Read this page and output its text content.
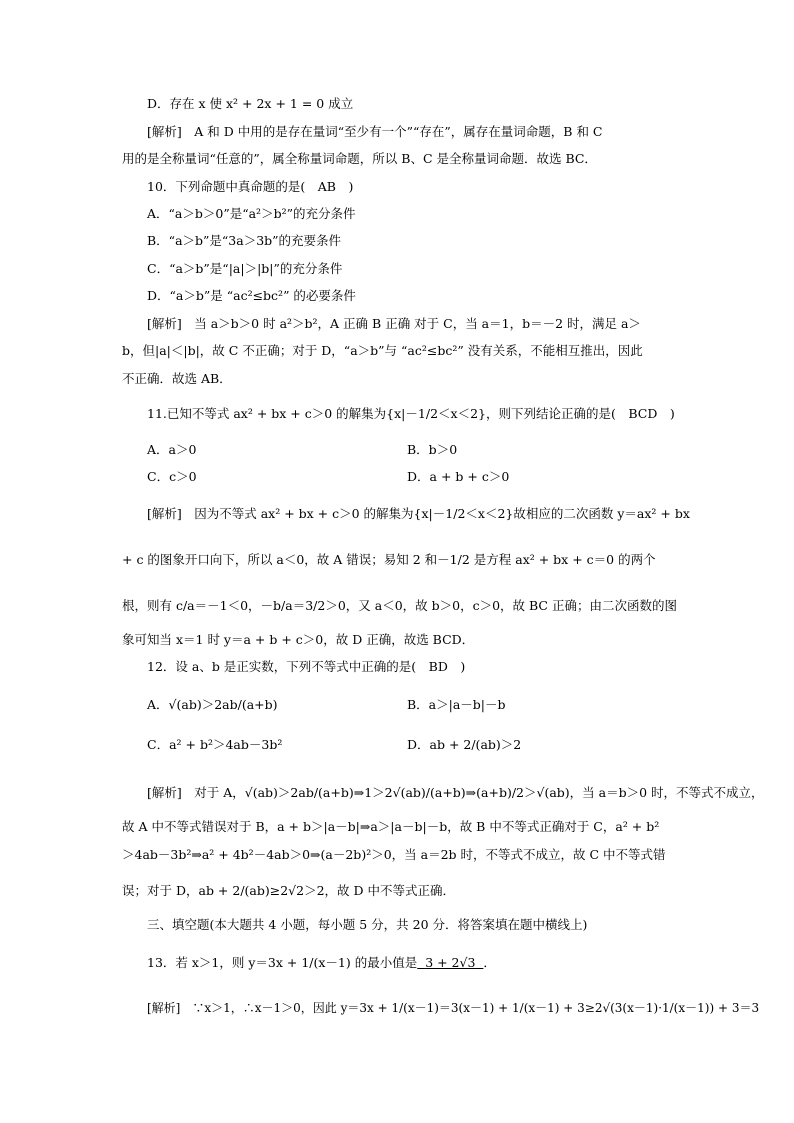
D．存在 x 使 x² + 2x + 1 = 0 成立
[解析]　A 和 D 中用的是存在量词“至少有一个”“存在”，属存在量词命题，B 和 C
用的是全称量词“任意的”，属全称量词命题，所以 B、C 是全称量词命题．故选 BC．
10．下列命题中真命题的是(　AB　)
A．“a＞b＞0”是“a²＞b²”的充分条件
B．“a＞b”是“3a＞3b”的充要条件
C．“a＞b”是“|a|＞|b|”的充分条件
D．“a＞b”是 “ac²≤bc²” 的必要条件
[解析]　当 a＞b＞0 时 a²＞b²，A 正确 B 正确 对于 C，当 a＝1，b＝－2 时，满足 a＞
b，但|a|＜|b|，故 C 不正确；对于 D，“a＞b”与 “ac²≤bc²” 没有关系，不能相互推出，因此
不正确．故选 AB．
11.已知不等式 ax² + bx + c＞0 的解集为{x|－1/2＜x＜2}，则下列结论正确的是(　BCD　)
A．a＞0	B．b＞0
C．c＞0	D．a + b + c＞0
[解析]　因为不等式 ax² + bx + c＞0 的解集为{x|－1/2＜x＜2}故相应的二次函数 y＝ax² + bx
+ c 的图象开口向下，所以 a＜0，故 A 错误；易知 2 和－1/2 是方程 ax² + bx + c＝0 的两个
根，则有 c/a＝－1＜0，－b/a＝3/2＞0，又 a＜0，故 b＞0，c＞0，故 BC 正确；由二次函数的图
象可知当 x＝1 时 y＝a + b + c＞0，故 D 正确，故选 BCD．
12．设 a、b 是正实数，下列不等式中正确的是(　BD　)
A．√(ab)＞2ab/(a+b)	B．a＞|a－b|－b
C．a² + b²＞4ab－3b²	D．ab + 2/(ab)＞2
[解析]　对于 A，√(ab)＞2ab/(a+b)⇒1＞2√(ab)/(a+b)⇒(a+b)/2＞√(ab)，当 a＝b＞0 时，不等式不成立，
故 A 中不等式错误对于 B，a + b＞|a－b|⇒a＞|a－b|－b，故 B 中不等式正确对于 C，a² + b²
＞4ab－3b²⇒a² + 4b²－4ab＞0⇒(a－2b)²＞0，当 a＝2b 时，不等式不成立，故 C 中不等式错
误；对于 D，ab + 2/(ab)≥2√2＞2，故 D 中不等式正确．
三、填空题(本大题共 4 小题，每小题 5 分，共 20 分．将答案填在题中横线上)
13．若 x＞1，则 y＝3x + 1/(x－1) 的最小值是 3 + 2√3 ．
[解析]　∵x＞1，∴x－1＞0，因此 y＝3x + 1/(x－1)＝3(x－1) + 1/(x－1) + 3≥2√(3(x－1)·1/(x－1)) + 3＝3
